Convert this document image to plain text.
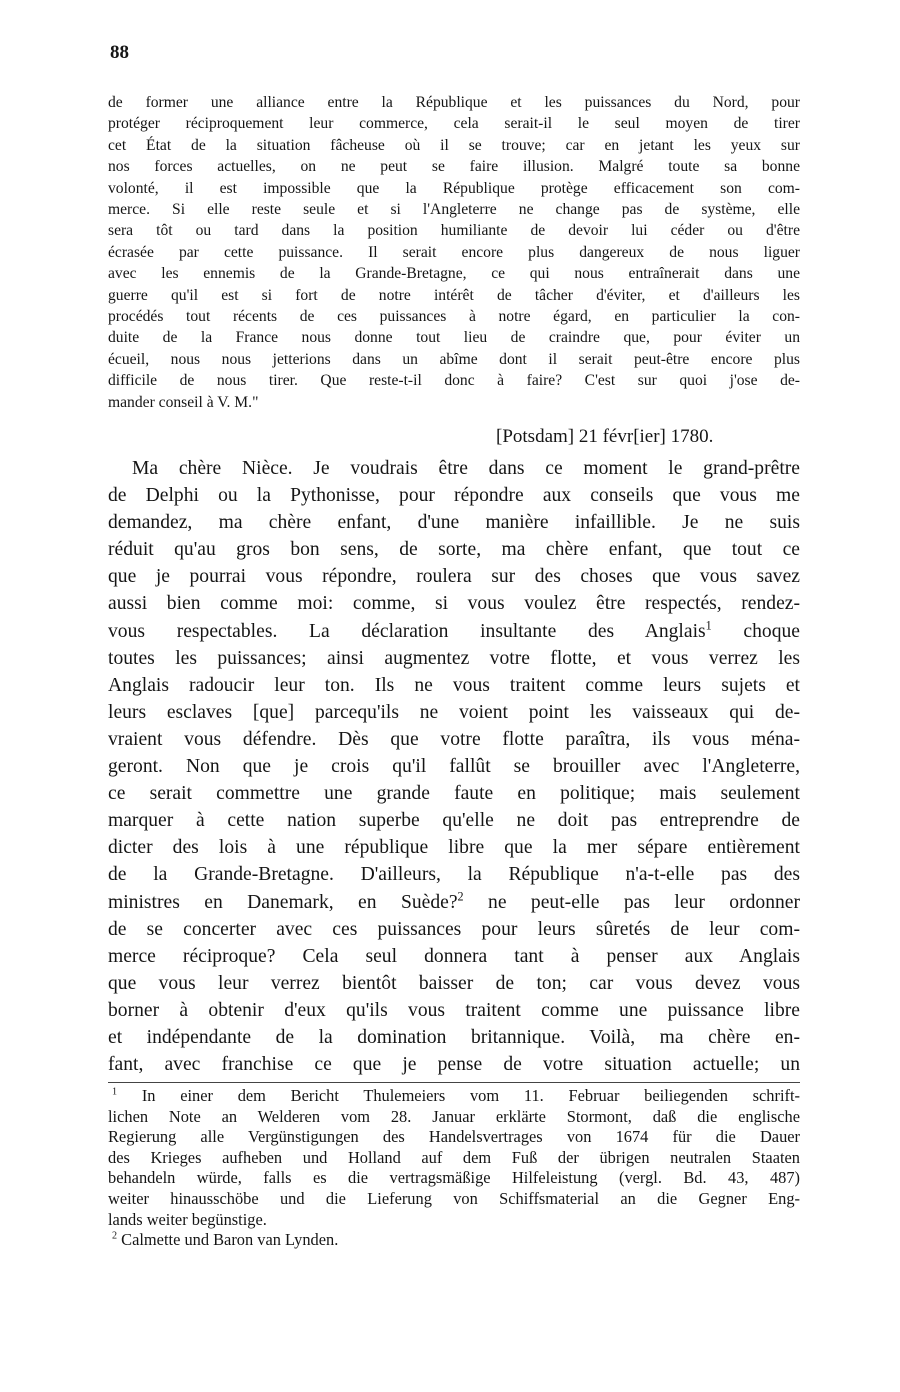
88
de former une alliance entre la République et les puissances du Nord, pour
protéger réciproquement leur commerce, cela serait-il le seul moyen de tirer
cet État de la situation fâcheuse où il se trouve; car en jetant les yeux sur
nos forces actuelles, on ne peut se faire illusion. Malgré toute sa bonne
volonté, il est impossible que la République protège efficacement son com-
merce. Si elle reste seule et si l'Angleterre ne change pas de système, elle
sera tôt ou tard dans la position humiliante de devoir lui céder ou d'être
écrasée par cette puissance. Il serait encore plus dangereux de nous liguer
avec les ennemis de la Grande-Bretagne, ce qui nous entraînerait dans une
guerre qu'il est si fort de notre intérêt de tâcher d'éviter, et d'ailleurs les
procédés tout récents de ces puissances à notre égard, en particulier la con-
duite de la France nous donne tout lieu de craindre que, pour éviter un
écueil, nous nous jetterions dans un abîme dont il serait peut-être encore plus
difficile de nous tirer. Que reste-t-il donc à faire? C'est sur quoi j'ose de-
mander conseil à V. M."
[Potsdam] 21 févr[ier] 1780.
Ma chère Nièce. Je voudrais être dans ce moment le grand-prêtre
de Delphi ou la Pythonisse, pour répondre aux conseils que vous me
demandez, ma chère enfant, d'une manière infaillible. Je ne suis
réduit qu'au gros bon sens, de sorte, ma chère enfant, que tout ce
que je pourrai vous répondre, roulera sur des choses que vous savez
aussi bien comme moi: comme, si vous voulez être respectés, rendez-
vous respectables. La déclaration insultante des Anglais$^1$ choque
toutes les puissances; ainsi augmentez votre flotte, et vous verrez les
Anglais radoucir leur ton. Ils ne vous traitent comme leurs sujets et
leurs esclaves [que] parcequ'ils ne voient point les vaisseaux qui de-
vraient vous défendre. Dès que votre flotte paraîtra, ils vous ména-
geront. Non que je crois qu'il fallût se brouiller avec l'Angleterre,
ce serait commettre une grande faute en politique; mais seulement
marquer à cette nation superbe qu'elle ne doit pas entreprendre de
dicter des lois à une république libre que la mer sépare entièrement
de la Grande-Bretagne. D'ailleurs, la République n'a-t-elle pas des
ministres en Danemark, en Suède?$^2$ ne peut-elle pas leur ordonner
de se concerter avec ces puissances pour leurs sûretés de leur com-
merce réciproque? Cela seul donnera tant à penser aux Anglais
que vous leur verrez bientôt baisser de ton; car vous devez vous
borner à obtenir d'eux qu'ils vous traitent comme une puissance libre
et indépendante de la domination britannique. Voilà, ma chère en-
fant, avec franchise ce que je pense de votre situation actuelle; un
$^1$ In einer dem Bericht Thulemeiers vom 11. Februar beiliegenden schrift-
lichen Note an Welderen vom 28. Januar erklärte Stormont, daß die englische
Regierung alle Vergünstigungen des Handelsvertrages von 1674 für die Dauer
des Krieges aufheben und Holland auf dem Fuß der übrigen neutralen Staaten
behandeln würde, falls es die vertragsmäßige Hilfeleistung (vergl. Bd. 43, 487)
weiter hinausschöbe und die Lieferung von Schiffsmaterial an die Gegner Eng-
lands weiter begünstige.
$^2$ Calmette und Baron van Lynden.
